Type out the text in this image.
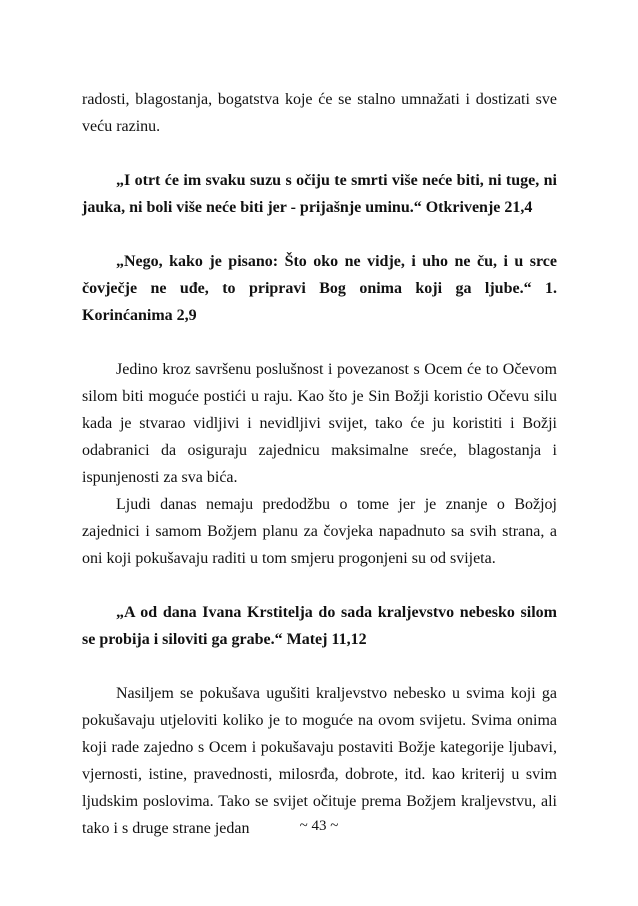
radosti, blagostanja, bogatstva koje će se stalno umnažati i dostizati sve veću razinu.

„I otrt će im svaku suzu s očiju te smrti više neće biti, ni tuge, ni jauka, ni boli više neće biti jer - prijašnje uminu.“ Otkrivenje 21,4

„Nego, kako je pisano: Što oko ne vidje, i uho ne ču, i u srce čovječje ne uđe, to pripravi Bog onima koji ga ljube.“ 1. Korinćanima 2,9

Jedino kroz savršenu poslušnost i povezanost s Ocem će to Očevom silom biti moguće postići u raju. Kao što je Sin Božji koristio Očevu silu kada je stvarao vidljivi i nevidljivi svijet, tako će ju koristiti i Božji odabranici da osiguraju zajednicu maksimalne sreće, blagostanja i ispunjenosti za sva bića.

Ljudi danas nemaju predodžbu o tome jer je znanje o Božjoj zajednici i samom Božjem planu za čovjeka napadnuto sa svih strana, a oni koji pokušavaju raditi u tom smjeru progonjeni su od svijeta.

„A od dana Ivana Krstitelja do sada kraljevstvo nebesko silom se probija i siloviti ga grabe.“ Matej 11,12

Nasiljem se pokušava ugušiti kraljevstvo nebesko u svima koji ga pokušavaju utjeloviti koliko je to moguće na ovom svijetu. Svima onima koji rade zajedno s Ocem i pokušavaju postaviti Božje kategorije ljubavi, vjernosti, istine, pravednosti, milosrđa, dobrote, itd. kao kriterij u svim ljudskim poslovima. Tako se svijet očituje prema Božjem kraljevstvu, ali tako i s druge strane jedan	~ 43 ~
